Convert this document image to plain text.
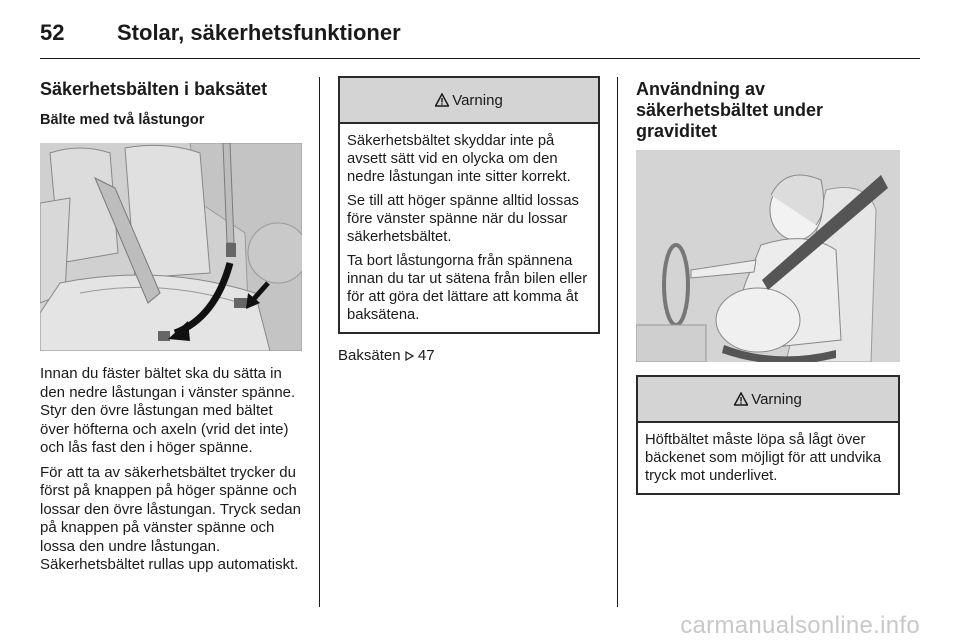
52 Stolar, säkerhetsfunktioner
Säkerhetsbälten i baksätet
Bälte med två låstungor

Innan du fäster bältet ska du sätta in den nedre låstungan i vänster spänne. Styr den övre låstungan med bältet över höfterna och axeln (vrid det inte) och lås fast den i höger spänne.

För att ta av säkerhetsbältet trycker du först på knappen på höger spänne och lossar den övre låstungan. Tryck sedan på knappen på vänster spänne och lossa den undre låstungan. Säkerhetsbältet rullas upp automatiskt.

Varning

Säkerhetsbältet skyddar inte på avsett sätt vid en olycka om den nedre låstungan inte sitter korrekt.

Se till att höger spänne alltid lossas före vänster spänne när du lossar säkerhetsbältet.

Ta bort låstungorna från spännena innan du tar ut sätena från bilen eller för att göra det lättare att komma åt baksätena.

Baksäten 47

Användning av säkerhetsbältet under graviditet
Varning

Höftbältet måste löpa så lågt över bäckenet som möjligt för att undvika tryck mot underlivet.

carmanualsonline.info
